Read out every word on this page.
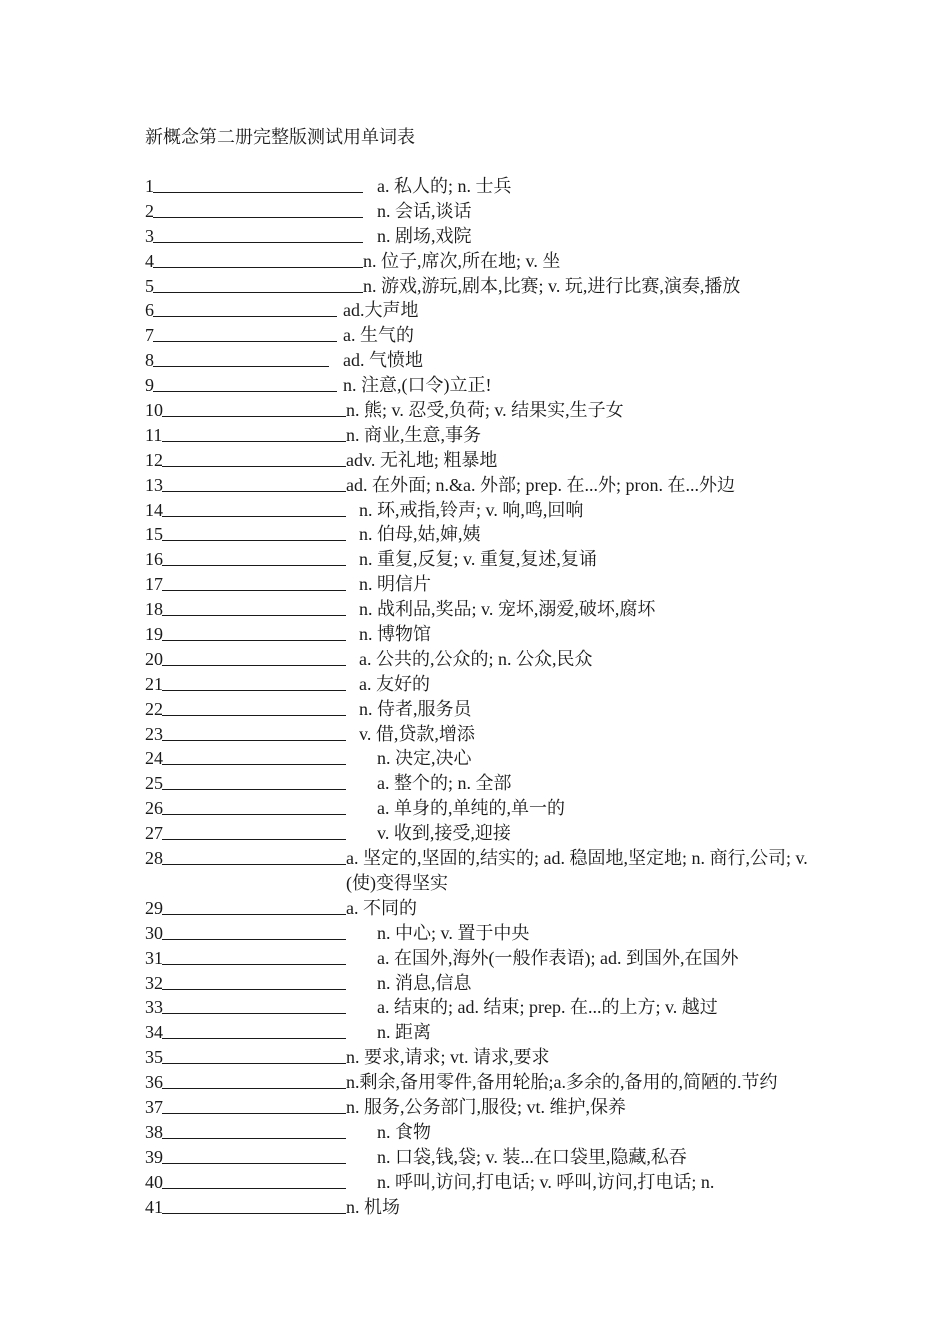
新概念第二册完整版测试用单词表
1	a. 私人的; n. 士兵
2	n. 会话,谈话
3	n. 剧场,戏院
4	n. 位子,席次,所在地; v. 坐
5	n. 游戏,游玩,剧本,比赛; v. 玩,进行比赛,演奏,播放
6	ad.大声地
7	a. 生气的
8	ad. 气愤地
9	n. 注意,(口令)立正!
10	n. 熊; v. 忍受,负荷; v. 结果实,生子女
11	n. 商业,生意,事务
12	adv. 无礼地; 粗暴地
13	ad. 在外面; n.&a. 外部; prep. 在...外; pron. 在...外边
14	n. 环,戒指,铃声; v. 响,鸣,回响
15	n. 伯母,姑,婶,姨
16	n. 重复,反复; v. 重复,复述,复诵
17	n. 明信片
18	n. 战利品,奖品; v. 宠坏,溺爱,破坏,腐坏
19	n. 博物馆
20	a. 公共的,公众的; n. 公众,民众
21	a. 友好的
22	n. 侍者,服务员
23	v. 借,贷款,增添
24	n. 决定,决心
25	a. 整个的; n. 全部
26	a. 单身的,单纯的,单一的
27	v. 收到,接受,迎接
28	a. 坚定的,坚固的,结实的; ad. 稳固地,坚定地; n. 商行,公司; v. (使)变得坚实
29	a. 不同的
30	n. 中心; v. 置于中央
31	a. 在国外,海外(一般作表语); ad. 到国外,在国外
32	n. 消息,信息
33	a. 结束的; ad. 结束; prep. 在...的上方; v. 越过
34	n. 距离
35	n. 要求,请求; vt. 请求,要求
36	n.剩余,备用零件,备用轮胎;a.多余的,备用的,简陋的.节约
37	n. 服务,公务部门,服役; vt. 维护,保养
38	n. 食物
39	n. 口袋,钱,袋; v. 装...在口袋里,隐藏,私吞
40	n. 呼叫,访问,打电话; v. 呼叫,访问,打电话; n.
41	n. 机场
